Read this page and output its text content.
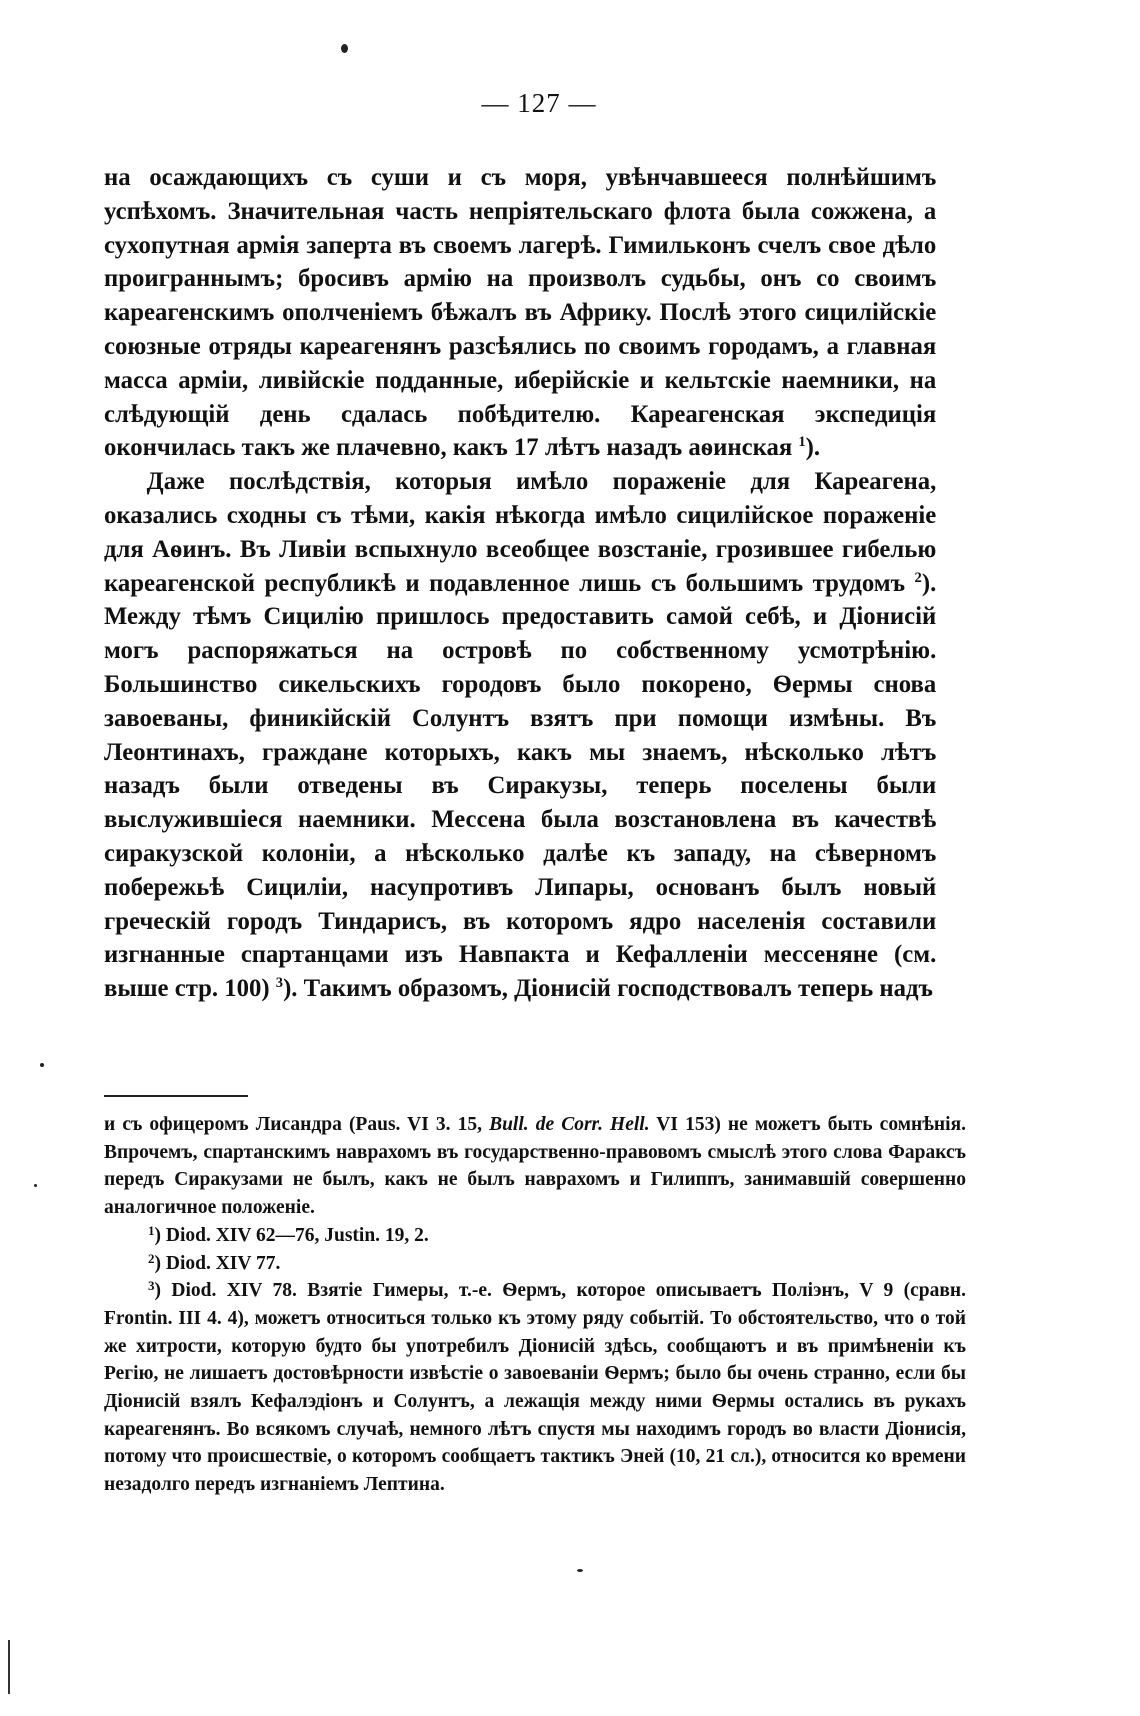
— 127 —

на осаждающихъ съ суши и съ моря, увѣнчавшееся полнѣйшимъ успѣхомъ. Значительная часть непріятельскаго флота была сожжена, а сухопутная армія заперта въ своемъ лагерѣ. Гимильконъ счелъ свое дѣло проиграннымъ; бросивъ армію на произволъ судьбы, онъ со своимъ кареагенскимъ ополченіемъ бѣжалъ въ Африку. Послѣ этого сицилійскіе союзные отряды кареагенянъ разсѣялись по своимъ городамъ, а главная масса арміи, ливійскіе подданные, иберійскіе и кельтскіе наемники, на слѣдующій день сдалась побѣдителю. Кареагенская экспедиція окончилась такъ же плачевно, какъ 17 лѣтъ назадъ аѳинская $^1$).

Даже послѣдствія, которыя имѣло пораженіе для Кареагена, оказались сходны съ тѣми, какія нѣкогда имѣло сицилійское пораженіе для Аѳинъ. Въ Ливіи вспыхнуло всеобщее возстаніе, грозившее гибелью кареагенской республикѣ и подавленное лишь съ большимъ трудомъ $^2$). Между тѣмъ Сицилію пришлось предоставить самой себѣ, и Діонисій могъ распоряжаться на островѣ по собственному усмотрѣнію. Большинство сикельскихъ городовъ было покорено, Ѳермы снова завоеваны, финикійскій Солунтъ взятъ при помощи измѣны. Въ Леонтинахъ, граждане которыхъ, какъ мы знаемъ, нѣсколько лѣтъ назадъ были отведены въ Сиракузы, теперь поселены были выслужившіеся наемники. Мессена была возстановлена въ качествѣ сиракузской колоніи, а нѣсколько далѣе къ западу, на сѣверномъ побережьѣ Сициліи, насупротивъ Липары, основанъ былъ новый греческій городъ Тиндарисъ, въ которомъ ядро населенія составили изгнанные спартанцами изъ Навпакта и Кефалленіи мессеняне (см. выше стр. 100) $^3$). Такимъ образомъ, Діонисій господствовалъ теперь надъ

и съ офицеромъ Лисандра (Paus. VI 3. 15, Bull. de Corr. Hell. VI 153) не можетъ быть сомнѣнія. Впрочемъ, спартанскимъ наврахомъ въ государственно-правовомъ смыслѣ этого слова Фараксъ передъ Сиракузами не былъ, какъ не былъ наврахомъ и Гилиппъ, занимавшій совершенно аналогичное положеніе.

$^1$) Diod. XIV 62—76, Justin. 19, 2.

$^2$) Diod. XIV 77.

$^3$) Diod. XIV 78. Взятіе Гимеры, т.-е. Ѳермъ, которое описываетъ Поліэнъ, V 9 (сравн. Frontin. III 4. 4), можетъ относиться только къ этому ряду событій. То обстоятельство, что о той же хитрости, которую будто бы употребилъ Діонисій здѣсь, сообщаютъ и въ примѣненіи къ Регію, не лишаетъ достовѣрности извѣстіе о завоеваніи Ѳермъ; было бы очень странно, если бы Діонисій взялъ Кефалэдіонъ и Солунтъ, а лежащія между ними Ѳермы остались въ рукахъ кареагенянъ. Во всякомъ случаѣ, немного лѣтъ спустя мы находимъ городъ во власти Діонисія, потому что происшествіе, о которомъ сообщаетъ тактикъ Эней (10, 21 сл.), относится ко времени незадолго передъ изгнаніемъ Лептина.
